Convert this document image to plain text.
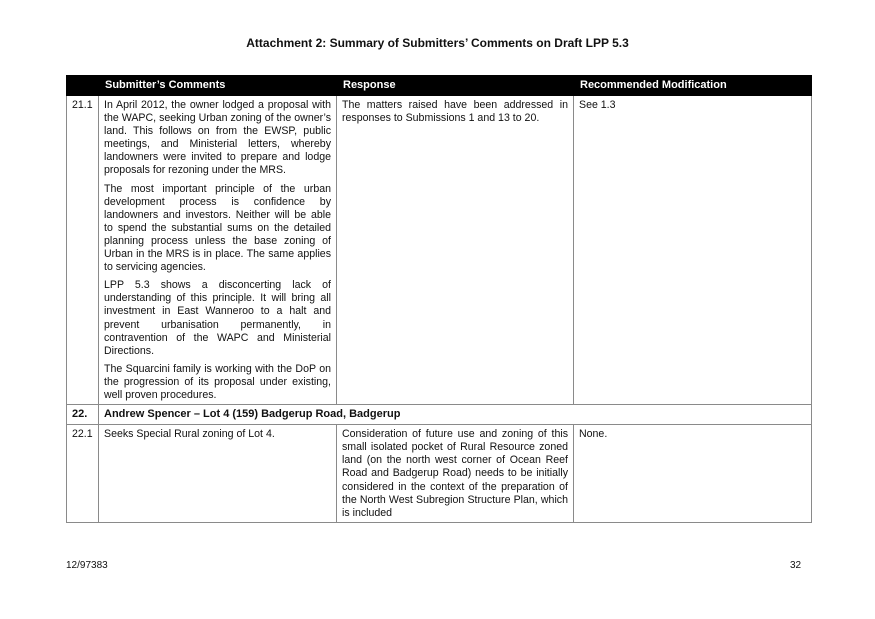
Attachment 2: Summary of Submitters’ Comments on Draft LPP 5.3
	Submitter’s Comments	Response	Recommended Modification
21.1	In April 2012, the owner lodged a proposal with the WAPC, seeking Urban zoning of the owner’s land. This follows on from the EWSP, public meetings, and Ministerial letters, whereby landowners were invited to prepare and lodge proposals for rezoning under the MRS.

The most important principle of the urban development process is confidence by landowners and investors. Neither will be able to spend the substantial sums on the detailed planning process unless the base zoning of Urban in the MRS is in place. The same applies to servicing agencies.

LPP 5.3 shows a disconcerting lack of understanding of this principle. It will bring all investment in East Wanneroo to a halt and prevent urbanisation permanently, in contravention of the WAPC and Ministerial Directions.

The Squarcini family is working with the DoP on the progression of its proposal under existing, well proven procedures.	The matters raised have been addressed in responses to Submissions 1 and 13 to 20.	See 1.3
22.	Andrew Spencer – Lot 4 (159) Badgerup Road, Badgerup		
22.1	Seeks Special Rural zoning of Lot 4.	Consideration of future use and zoning of this small isolated pocket of Rural Resource zoned land (on the north west corner of Ocean Reef Road and Badgerup Road) needs to be initially considered in the context of the preparation of the North West Subregion Structure Plan, which is included	None.
12/97383	32
